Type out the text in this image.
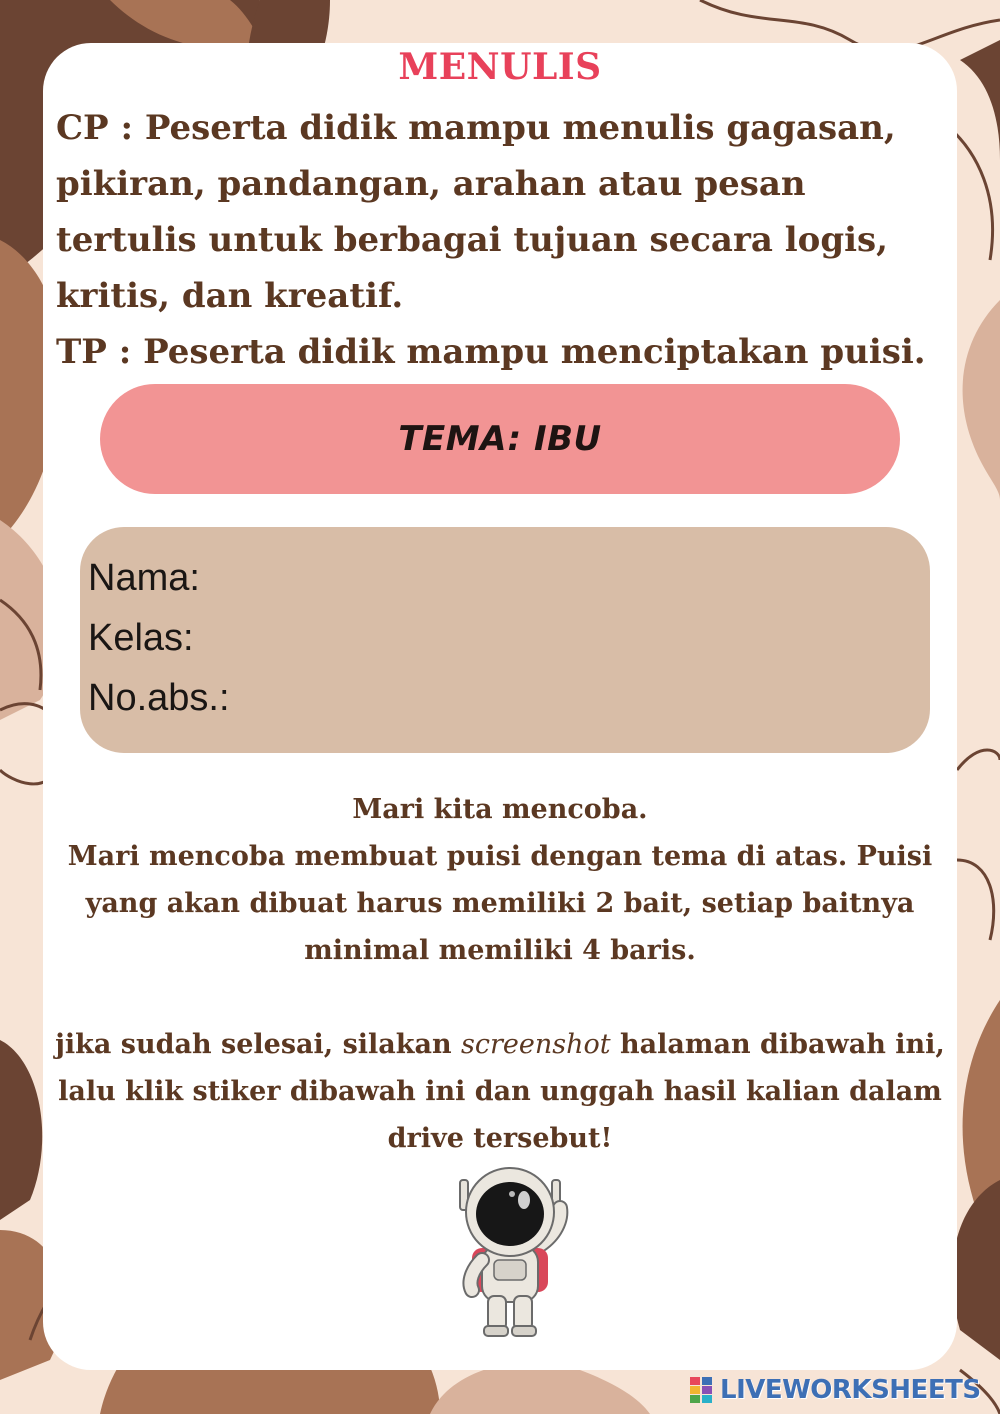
MENULIS

CP : Peserta didik mampu menulis gagasan, pikiran, pandangan, arahan atau pesan tertulis untuk berbagai tujuan secara logis, kritis, dan kreatif.

TP : Peserta didik mampu menciptakan puisi.

TEMA: IBU
Nama:
Kelas:
No.abs.:

Mari kita mencoba.

Mari mencoba membuat puisi dengan tema di atas. Puisi yang akan dibuat harus memiliki 2 bait, setiap baitnya minimal memiliki 4 baris.

jika sudah selesai, silakan screenshot halaman dibawah ini, lalu klik stiker dibawah ini dan unggah hasil kalian dalam drive tersebut!

LIVEWORKSHEETS
